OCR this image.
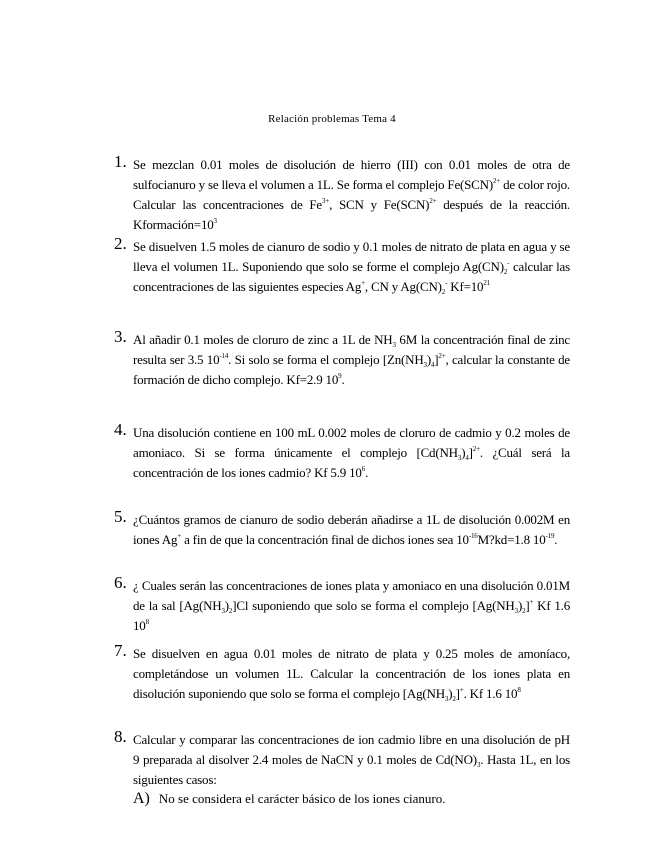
Relación problemas Tema 4
1. Se mezclan 0.01 moles de disolución de hierro (III) con 0.01 moles de otra de sulfocianuro y se lleva el volumen a 1L. Se forma el complejo Fe(SCN)$^{2+}$ de color rojo. Calcular las concentraciones de $Fe^{3+}$, SCN y Fe(SCN)$^{2+}$ después de la reacción. $Kformación=10^3$
2. Se disuelven 1.5 moles de cianuro de sodio y 0.1 moles de nitrato de plata en agua y se lleva el volumen 1L. Suponiendo que solo se forme el complejo $Ag(CN)_2^-$ calcular las concentraciones de las siguientes especies Ag+, CN y $Ag(CN)_2^-$ $Kf=10^{21}$
3. Al añadir 0.1 moles de cloruro de zinc a 1L de $NH_3$ 6M la concentración final de zinc resulta ser 3.5 $10^{-14}$. Si solo se forma el complejo $[Zn(NH_3)_4]^{2+}$, calcular la constante de formación de dicho complejo. Kf=2.9 $10^9$.
4. Una disolución contiene en 100 mL 0.002 moles de cloruro de cadmio y 0.2 moles de amoniaco. Si se forma únicamente el complejo $[Cd(NH_3)_4]^{2+}$. ¿Cuál será la concentración de los iones cadmio? Kf 5.9 $10^6$.
5. ¿Cuántos gramos de cianuro de sodio deberán añadirse a 1L de disolución 0.002M en iones Ag+ a fin de que la concentración final de dichos iones sea $10^{-16}M?kd=1.8$ $10^{-19}$.
6. ¿ Cuales serán las concentraciones de iones plata y amoniaco en una disolución 0.01M de la sal $[Ag(NH_3)_2]Cl$ suponiendo que solo se forma el complejo $[Ag(NH_3)_2]^+$ Kf 1.6 $10^8$
7. Se disuelven en agua 0.01 moles de nitrato de plata y 0.25 moles de amoníaco, completándose un volumen 1L. Calcular la concentración de los iones plata en disolución suponiendo que solo se forma el complejo $[Ag(NH_3)_2]^+$. Kf 1.6 $10^8$
8. Calcular y comparar las concentraciones de ion cadmio libre en una disolución de pH 9 preparada al disolver 2.4 moles de NaCN y 0.1 moles de $Cd(NO)_3$. Hasta 1L, en los siguientes casos:
A) No se considera el carácter básico de los iones cianuro.
